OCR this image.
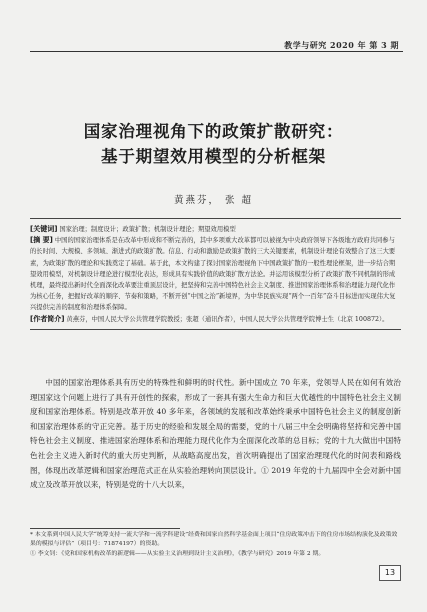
教学与研究 2020 年 第 3 期
国家治理视角下的政策扩散研究：
基于期望效用模型的分析框架
黄燕芬， 张 超
[关键词] 国家治理；制度设计；政策扩散；机制设计理论；期望效用模型
[摘 要] 中国的国家治理体系是在改革中形成和不断完善的，其中多项重大改革都可以被视为中央政府领导下各级地方政府共同参与的长时间、大规模、多领域、渐进式的政策扩散。信息、行动和激励是政策扩散的三大关键要素，机制设计理论有效整合了这三大要素，为政策扩散的理论和实践奠定了基础。基于此，本文构建了探讨国家治理视角下中国政策扩散的一般性理论框架，进一步结合期望效用模型，对机制设计理论进行模型化表达，形成具有实践价值的政策扩散方法论。并运用该模型分析了政策扩散不同机制的形成机理，最终提出新时代全面深化改革要注重顶层设计，把坚持和完善中国特色社会主义制度、推进国家治理体系和治理能力现代化作为核心任务，把握好改革的顺序、节奏和策略，不断开创“中国之治”新境界，为中华民族实现“两个一百年”奋斗目标进而实现伟大复兴提供完善的制度和治理体系保障。
[作者简介] 黄燕芬，中国人民大学公共管理学院教授；张超（通讯作者），中国人民大学公共管理学院博士生（北京 100872）。
中国的国家治理体系具有历史的特殊性和鲜明的时代性。新中国成立 70 年来，党领导人民在如何有效治理国家这个问题上进行了具有开创性的探索，形成了一套具有强大生命力和巨大优越性的中国特色社会主义制度和国家治理体系。特别是改革开放 40 多年来，各领域的发展和改革始终秉承中国特色社会主义的制度创新和国家治理体系的守正完善。基于历史的经验和发展全局的需要，党的十八届三中全会明确将坚持和完善中国特色社会主义制度、推进国家治理体系和治理能力现代化作为全面深化改革的总目标；党的十九大做出中国特色社会主义进入新时代的重大历史判断，从战略高度出发，首次明确提出了国家治理现代化的时间表和路线图，体现出改革逻辑和国家治理范式正在从实验治理转向顶层设计。① 2019 年党的十九届四中全会对新中国成立及改革开放以来，特别是党的十八大以来，
* 本文系到中国人民大学“统筹支持一流大学和一流学科建设”经费和国家自然科学基金面上项目“住房政策冲击下的住房市场结构演化及政策效果的模拟与评估”（项目号：71874197）的资助。
① 李文钊：《党和国家机构改革的新逻辑——从实验主义治理到设计主义治理》，《教学与研究》2019 年第 2 期。
13
